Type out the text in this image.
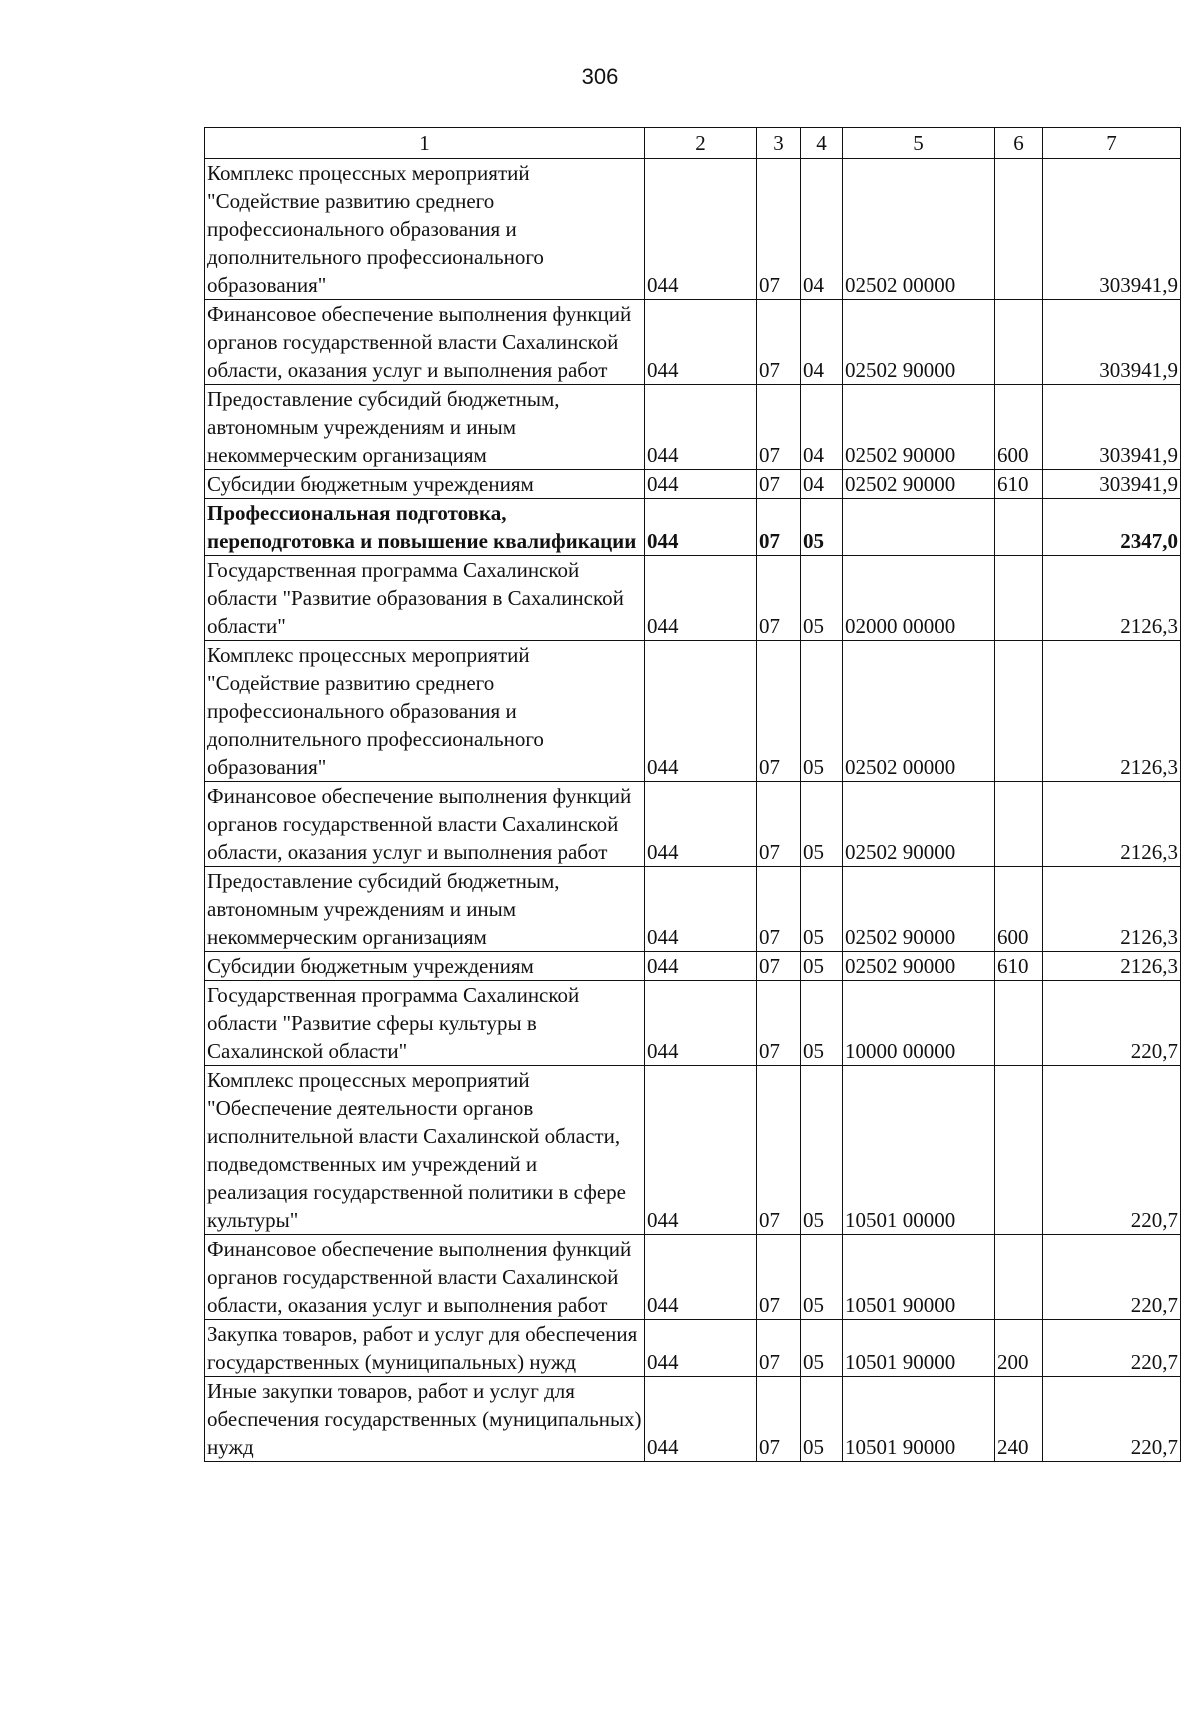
306
1	2	3	4	5	6	7
Комплекс процессных мероприятий "Содействие развитию среднего профессионального образования и дополнительного профессионального образования"	044	07	04	02502 00000		303941,9
Финансовое обеспечение выполнения функций органов государственной власти Сахалинской области, оказания услуг и выполнения работ	044	07	04	02502 90000		303941,9
Предоставление субсидий бюджетным, автономным учреждениям и иным некоммерческим организациям	044	07	04	02502 90000	600	303941,9
Субсидии бюджетным учреждениям	044	07	04	02502 90000	610	303941,9
Профессиональная подготовка, переподготовка и повышение квалификации	044	07	05			2347,0
Государственная программа Сахалинской области "Развитие образования в Сахалинской области"	044	07	05	02000 00000		2126,3
Комплекс процессных мероприятий "Содействие развитию среднего профессионального образования и дополнительного профессионального образования"	044	07	05	02502 00000		2126,3
Финансовое обеспечение выполнения функций органов государственной власти Сахалинской области, оказания услуг и выполнения работ	044	07	05	02502 90000		2126,3
Предоставление субсидий бюджетным, автономным учреждениям и иным некоммерческим организациям	044	07	05	02502 90000	600	2126,3
Субсидии бюджетным учреждениям	044	07	05	02502 90000	610	2126,3
Государственная программа Сахалинской области "Развитие сферы культуры в Сахалинской области"	044	07	05	10000 00000		220,7
Комплекс процессных мероприятий "Обеспечение деятельности органов исполнительной власти Сахалинской области, подведомственных им учреждений и реализация государственной политики в сфере культуры"	044	07	05	10501 00000		220,7
Финансовое обеспечение выполнения функций органов государственной власти Сахалинской области, оказания услуг и выполнения работ	044	07	05	10501 90000		220,7
Закупка товаров, работ и услуг для обеспечения государственных (муниципальных) нужд	044	07	05	10501 90000	200	220,7
Иные закупки товаров, работ и услуг для обеспечения государственных (муниципальных) нужд	044	07	05	10501 90000	240	220,7
